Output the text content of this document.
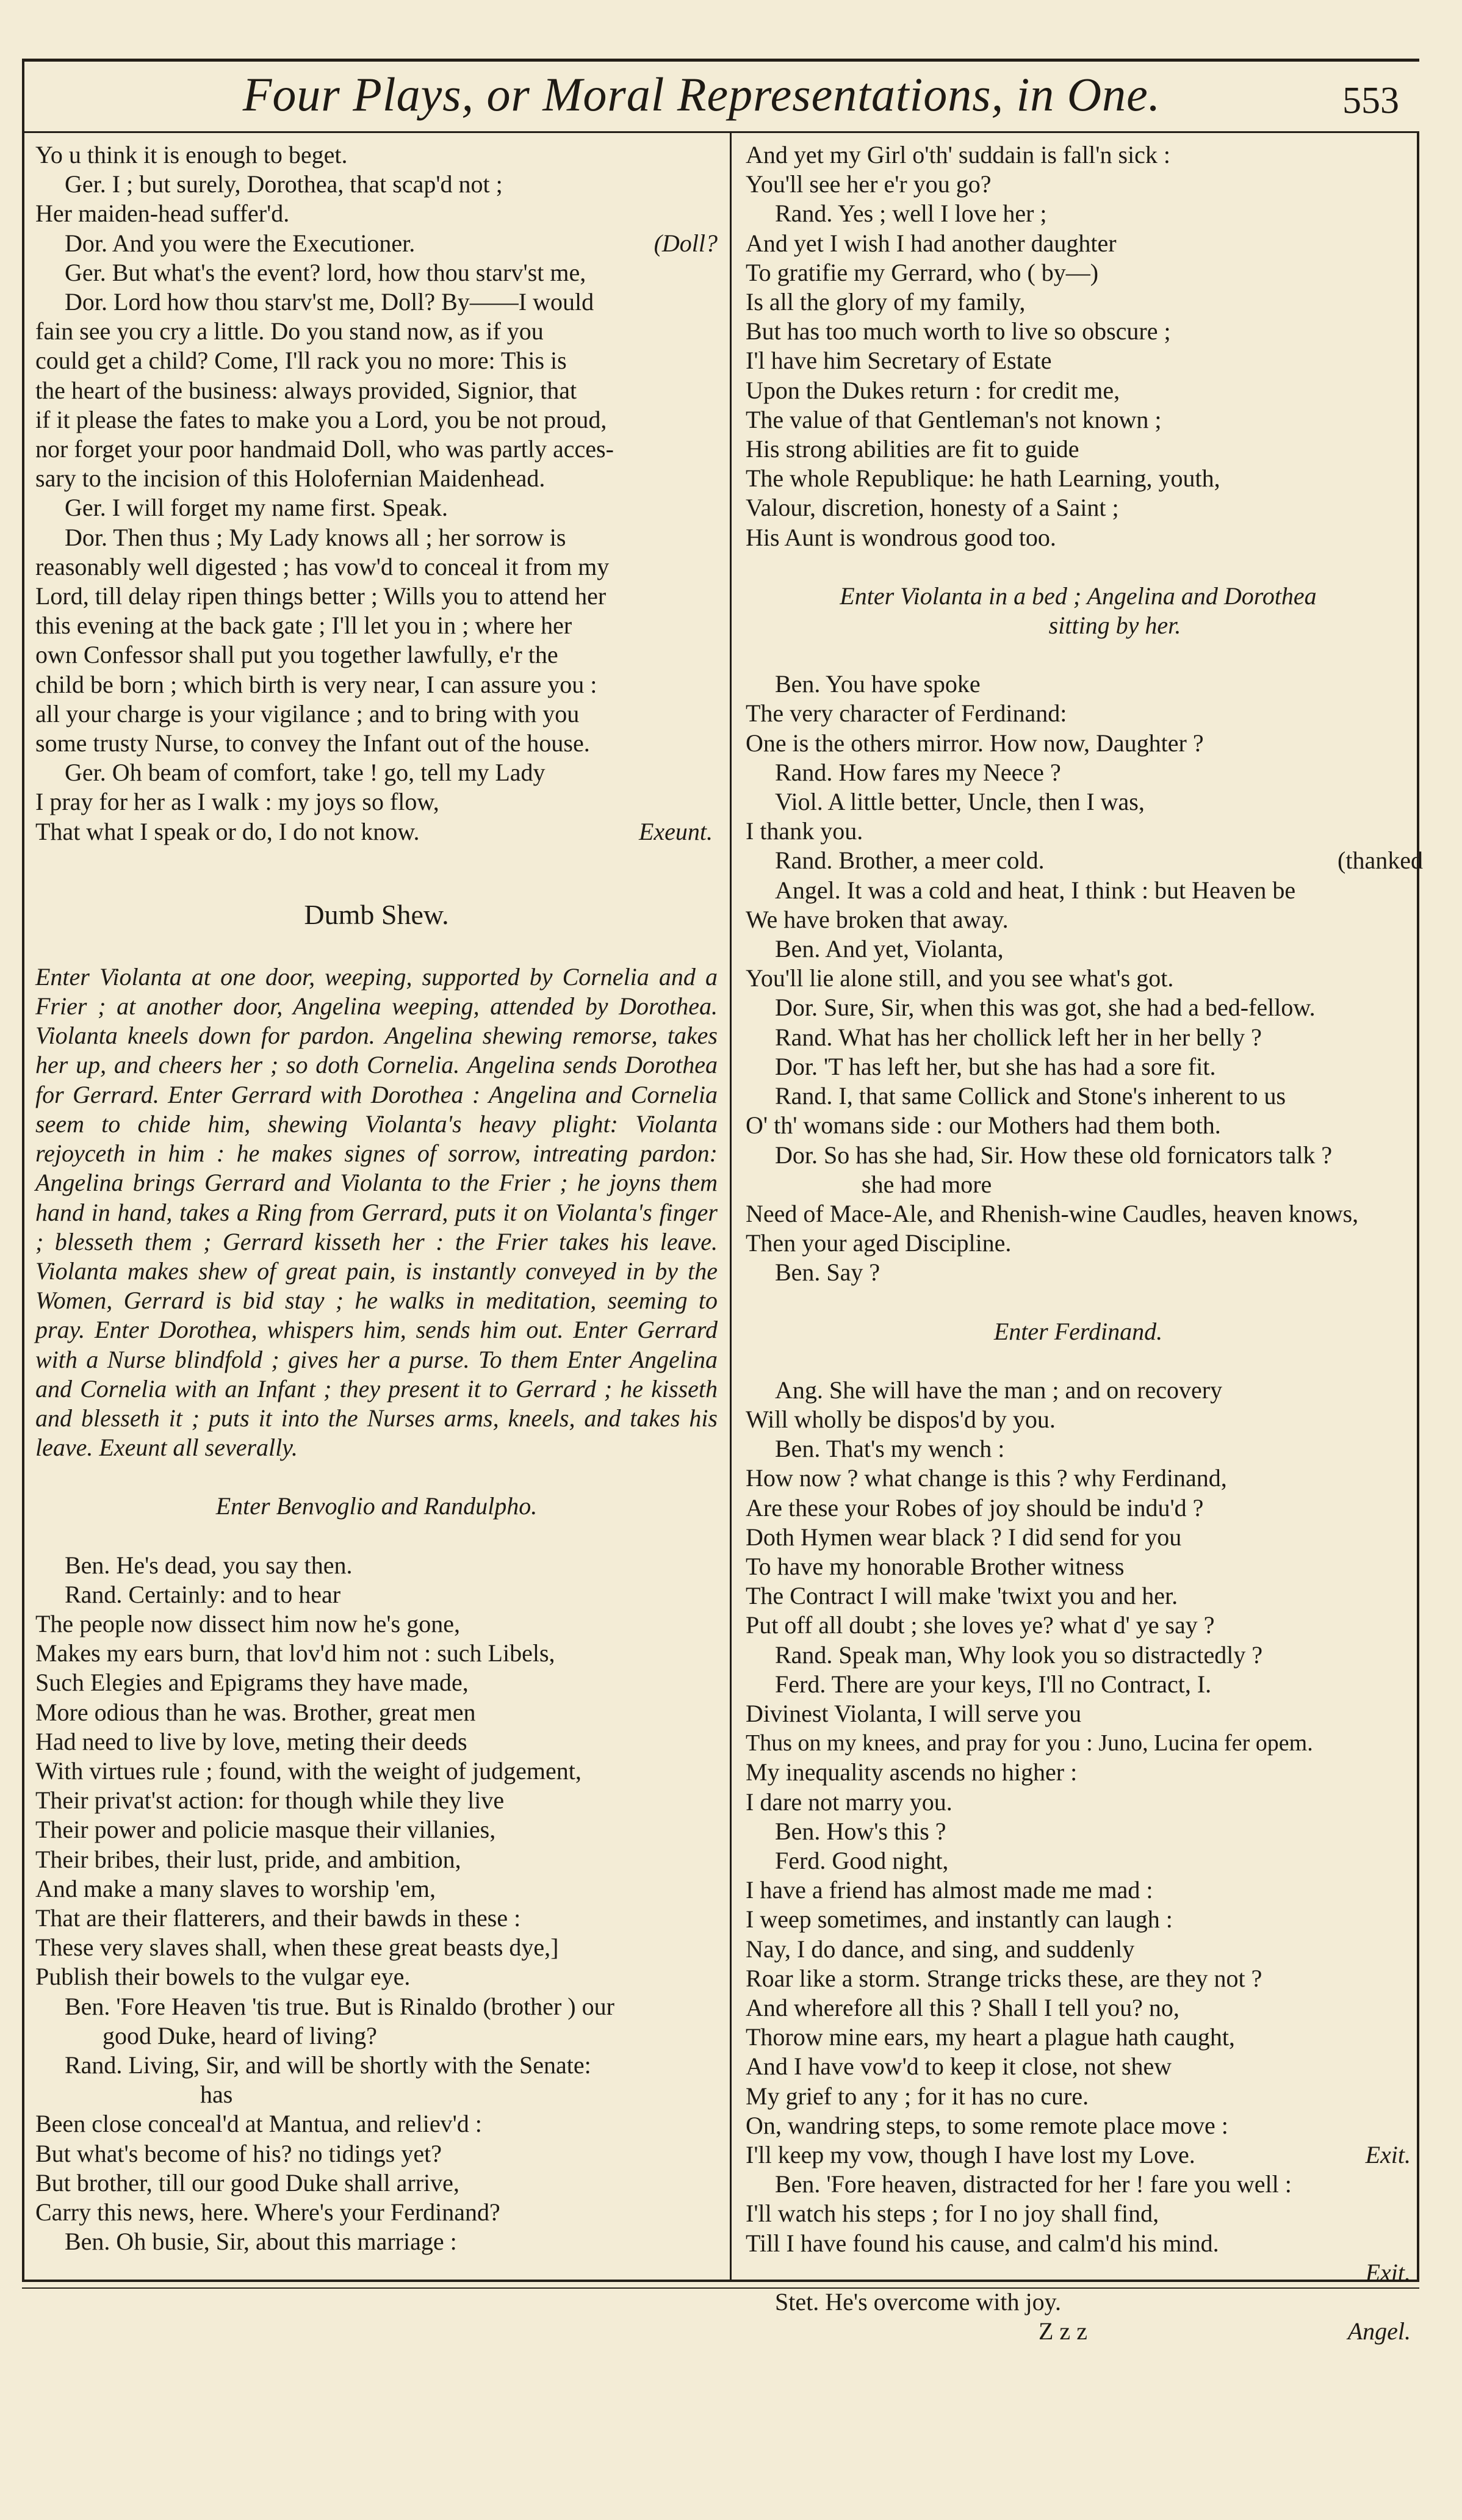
Four Plays, or Moral Representations, in One.	553

Yo u think it is enough to beget.

Ger. I ; but surely, Dorothea, that scap'd not ;

Her maiden-head suffer'd.

Dor. And you were the Executioner.	(Doll?

Ger. But what's the event? lord, how thou starv'st me,

Dor. Lord how thou starv'st me, Doll? By——I would

fain see you cry a little. Do you stand now, as if you

could get a child? Come, I'll rack you no more: This is

the heart of the business: always provided, Signior, that

if it please the fates to make you a Lord, you be not proud,

nor forget your poor handmaid Doll, who was partly acces-

sary to the incision of this Holofernian Maidenhead.

Ger. I will forget my name first. Speak.

Dor. Then thus ; My Lady knows all ; her sorrow is

reasonably well digested ; has vow'd to conceal it from my

Lord, till delay ripen things better ; Wills you to attend her

this evening at the back gate ; I'll let you in ; where her

own Confessor shall put you together lawfully, e'r the

child be born ; which birth is very near, I can assure you :

all your charge is your vigilance ; and to bring with you

some trusty Nurse, to convey the Infant out of the house.

Ger. Oh beam of comfort, take ! go, tell my Lady

I pray for her as I walk : my joys so flow,

That what I speak or do, I do not know.	Exeunt.

Dumb Shew.

Enter Violanta at one door, weeping, supported by Cornelia and a Frier ; at another door, Angelina weeping, attended by Dorothea. Violanta kneels down for pardon. Angelina shewing remorse, takes her up, and cheers her ; so doth Cornelia. Angelina sends Dorothea for Gerrard. Enter Gerrard with Dorothea : Angelina and Cornelia seem to chide him, shewing Violanta's heavy plight: Violanta rejoyceth in him : he makes signes of sorrow, intreating pardon: Angelina brings Gerrard and Violanta to the Frier ; he joyns them hand in hand, takes a Ring from Gerrard, puts it on Violanta's finger ; blesseth them ; Gerrard kisseth her : the Frier takes his leave. Violanta makes shew of great pain, is instantly conveyed in by the Women, Gerrard is bid stay ; he walks in meditation, seeming to pray. Enter Dorothea, whispers him, sends him out. Enter Gerrard with a Nurse blindfold ; gives her a purse. To them Enter Angelina and Cornelia with an Infant ; they present it to Gerrard ; he kisseth and blesseth it ; puts it into the Nurses arms, kneels, and takes his leave. Exeunt all severally.

Enter Benvoglio and Randulpho.

Ben. He's dead, you say then.

Rand. Certainly: and to hear

The people now dissect him now he's gone,

Makes my ears burn, that lov'd him not : such Libels,

Such Elegies and Epigrams they have made,

More odious than he was. Brother, great men

Had need to live by love, meting their deeds

With virtues rule ; found, with the weight of judgement,

Their privat'st action: for though while they live

Their power and policie masque their villanies,

Their bribes, their lust, pride, and ambition,

And make a many slaves to worship 'em,

That are their flatterers, and their bawds in these :

These very slaves shall, when these great beasts dye,]

Publish their bowels to the vulgar eye.

Ben. 'Fore Heaven 'tis true. But is Rinaldo (brother ) our

good Duke, heard of living?

Rand. Living, Sir, and will be shortly with the Senate:

has

Been close conceal'd at Mantua, and reliev'd :

But what's become of his? no tidings yet?

But brother, till our good Duke shall arrive,

Carry this news, here. Where's your Ferdinand?

Ben. Oh busie, Sir, about this marriage :

And yet my Girl o'th' suddain is fall'n sick :

You'll see her e'r you go?

Rand. Yes ; well I love her ;

And yet I wish I had another daughter

To gratifie my Gerrard, who ( by—)

Is all the glory of my family,

But has too much worth to live so obscure ;

I'l have him Secretary of Estate

Upon the Dukes return : for credit me,

The value of that Gentleman's not known ;

His strong abilities are fit to guide

The whole Republique: he hath Learning, youth,

Valour, discretion, honesty of a Saint ;

His Aunt is wondrous good too.

Enter Violanta in a bed ; Angelina and Dorothea

sitting by her.

Ben. You have spoke

The very character of Ferdinand:

One is the others mirror. How now, Daughter ?

Rand. How fares my Neece ?

Viol. A little better, Uncle, then I was,

I thank you.

Rand. Brother, a meer cold.	(thanked

Angel. It was a cold and heat, I think : but Heaven be

We have broken that away.

Ben. And yet, Violanta,

You'll lie alone still, and you see what's got.

Dor. Sure, Sir, when this was got, she had a bed-fellow.

Rand. What has her chollick left her in her belly ?

Dor. 'T has left her, but she has had a sore fit.

Rand. I, that same Collick and Stone's inherent to us

O' th' womans side : our Mothers had them both.

Dor. So has she had, Sir. How these old fornicators talk ?

she had more

Need of Mace-Ale, and Rhenish-wine Caudles, heaven knows,

Then your aged Discipline.

Ben. Say ?

Enter Ferdinand.

Ang. She will have the man ; and on recovery

Will wholly be dispos'd by you.

Ben. That's my wench :

How now ? what change is this ? why Ferdinand,

Are these your Robes of joy should be indu'd ?

Doth Hymen wear black ? I did send for you

To have my honorable Brother witness

The Contract I will make 'twixt you and her.

Put off all doubt ; she loves ye? what d' ye say ?

Rand. Speak man, Why look you so distractedly ?

Ferd. There are your keys, I'll no Contract, I.

Divinest Violanta, I will serve you

Thus on my knees, and pray for you : Juno, Lucina fer opem.

My inequality ascends no higher :

I dare not marry you.

Ben. How's this ?

Ferd. Good night,

I have a friend has almost made me mad :

I weep sometimes, and instantly can laugh :

Nay, I do dance, and sing, and suddenly

Roar like a storm. Strange tricks these, are they not ?

And wherefore all this ? Shall I tell you? no,

Thorow mine ears, my heart a plague hath caught,

And I have vow'd to keep it close, not shew

My grief to any ; for it has no cure.

On, wandring steps, to some remote place move :

I'll keep my vow, though I have lost my Love.	Exit.

Ben. 'Fore heaven, distracted for her ! fare you well :

I'll watch his steps ; for I no joy shall find,

Till I have found his cause, and calm'd his mind.

Exit.

Stet. He's overcome with joy.

Z z z	Angel.
